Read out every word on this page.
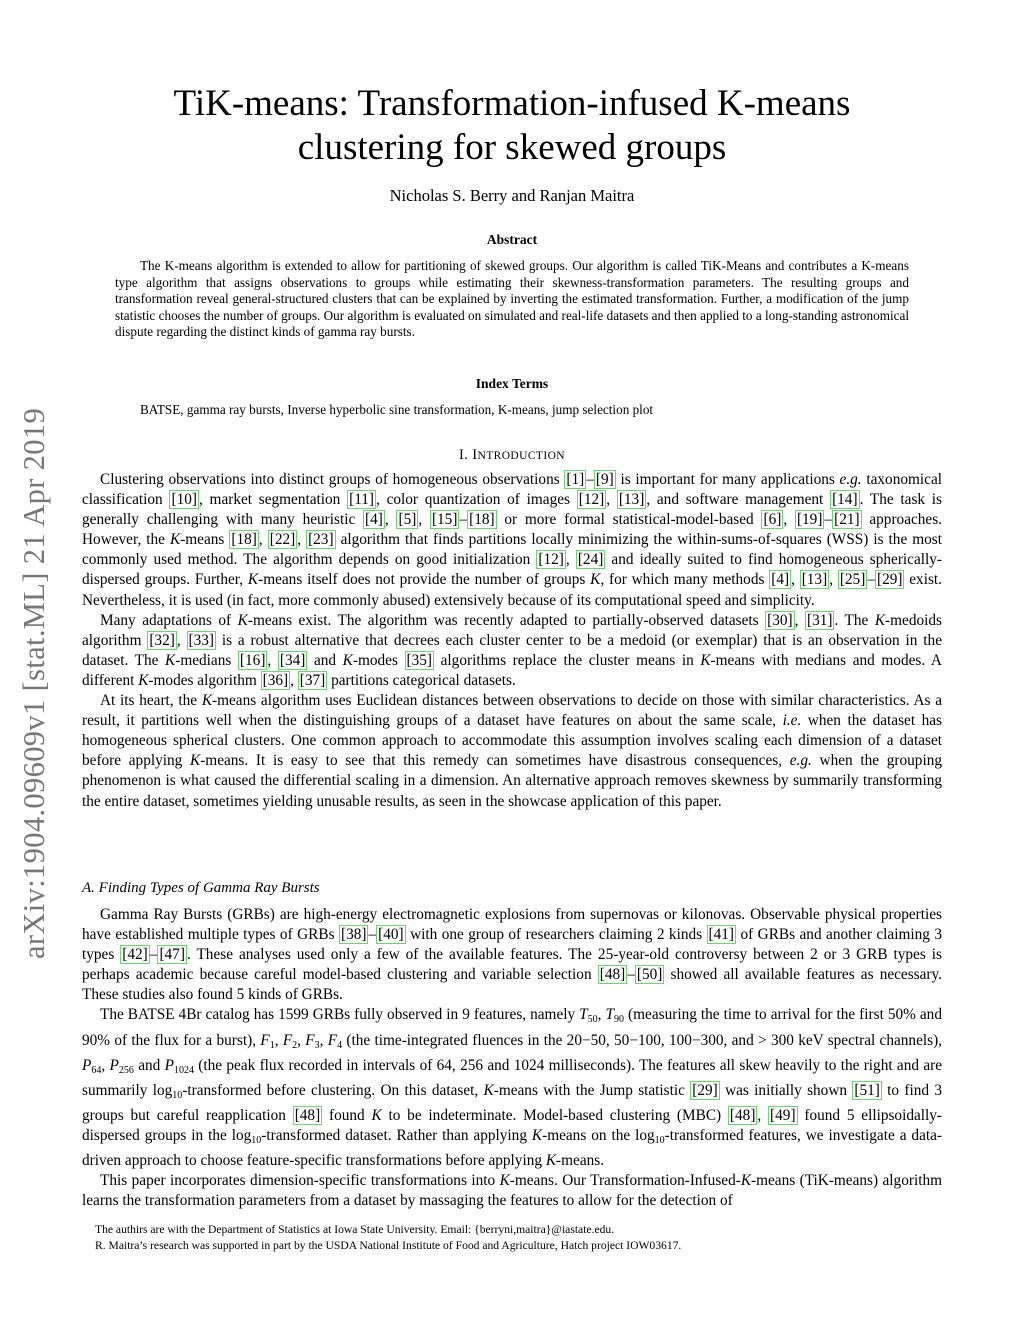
arXiv:1904.09609v1 [stat.ML] 21 Apr 2019
TiK-means: Transformation-infused K-means
clustering for skewed groups
Nicholas S. Berry and Ranjan Maitra
Abstract
The K-means algorithm is extended to allow for partitioning of skewed groups. Our algorithm is called TiK-Means and contributes a K-means type algorithm that assigns observations to groups while estimating their skewness-transformation parameters. The resulting groups and transformation reveal general-structured clusters that can be explained by inverting the estimated transformation. Further, a modification of the jump statistic chooses the number of groups. Our algorithm is evaluated on simulated and real-life datasets and then applied to a long-standing astronomical dispute regarding the distinct kinds of gamma ray bursts.
Index Terms
BATSE, gamma ray bursts, Inverse hyperbolic sine transformation, K-means, jump selection plot
I. INTRODUCTION

Clustering observations into distinct groups of homogeneous observations [1] – [9] is important for many applications e.g. taxonomical classification [10] , market segmentation [11] , color quantization of images [12] , [13] , and software management [14] . The task is generally challenging with many heuristic [4] , [5] , [15] – [18] or more formal statistical-model-based [6] , [19] – [21] approaches. However, the K-means [18] , [22] , [23] algorithm that finds partitions locally minimizing the within-sums-of-squares (WSS) is the most commonly used method. The algorithm depends on good initialization [12] , [24] and ideally suited to find homogeneous spherically-dispersed groups. Further, K-means itself does not provide the number of groups K, for which many methods [4] , [13] , [25] – [29] exist. Nevertheless, it is used (in fact, more commonly abused) extensively because of its computational speed and simplicity.

Many adaptations of K-means exist. The algorithm was recently adapted to partially-observed datasets [30] , [31] . The K-medoids algorithm [32] , [33] is a robust alternative that decrees each cluster center to be a medoid (or exemplar) that is an observation in the dataset. The K-medians [16] , [34] and K-modes [35] algorithms replace the cluster means in K-means with medians and modes. A different K-modes algorithm [36] , [37] partitions categorical datasets.

At its heart, the K-means algorithm uses Euclidean distances between observations to decide on those with similar characteristics. As a result, it partitions well when the distinguishing groups of a dataset have features on about the same scale, i.e. when the dataset has homogeneous spherical clusters. One common approach to accommodate this assumption involves scaling each dimension of a dataset before applying K-means. It is easy to see that this remedy can sometimes have disastrous consequences, e.g. when the grouping phenomenon is what caused the differential scaling in a dimension. An alternative approach removes skewness by summarily transforming the entire dataset, sometimes yielding unusable results, as seen in the showcase application of this paper.

A. Finding Types of Gamma Ray Bursts

Gamma Ray Bursts (GRBs) are high-energy electromagnetic explosions from supernovas or kilonovas. Observable physical properties have established multiple types of GRBs [38] – [40] with one group of researchers claiming 2 kinds [41] of GRBs and another claiming 3 types [42] – [47] . These analyses used only a few of the available features. The 25-year-old controversy between 2 or 3 GRB types is perhaps academic because careful model-based clustering and variable selection [48] – [50] showed all available features as necessary. These studies also found 5 kinds of GRBs.

The BATSE 4Br catalog has 1599 GRBs fully observed in 9 features, namely $T_{50}$, $T_{90}$ (measuring the time to arrival for the first 50% and 90% of the flux for a burst), $F_1$, $F_2$, $F_3$, $F_4$ (the time-integrated fluences in the 20−50, 50−100, 100−300, and > 300 keV spectral channels), $P_{64}$, $P_{256}$ and $P_{1024}$ (the peak flux recorded in intervals of 64, 256 and 1024 milliseconds). The features all skew heavily to the right and are summarily $\log_{10}$-transformed before clustering. On this dataset, K-means with the Jump statistic [29] was initially shown [51] to find 3 groups but careful reapplication [48] found K to be indeterminate. Model-based clustering (MBC) [48] , [49] found 5 ellipsoidally-dispersed groups in the $\log_{10}$-transformed dataset. Rather than applying K-means on the $\log_{10}$-transformed features, we investigate a data-driven approach to choose feature-specific transformations before applying K-means.

This paper incorporates dimension-specific transformations into K-means. Our Transformation-Infused-K-means (TiK-means) algorithm learns the transformation parameters from a dataset by massaging the features to allow for the detection of

The authirs are with the Department of Statistics at Iowa State University. Email: {berryni,maitra}@iastate.edu.
R. Maitra’s research was supported in part by the USDA National Institute of Food and Agriculture, Hatch project IOW03617.
